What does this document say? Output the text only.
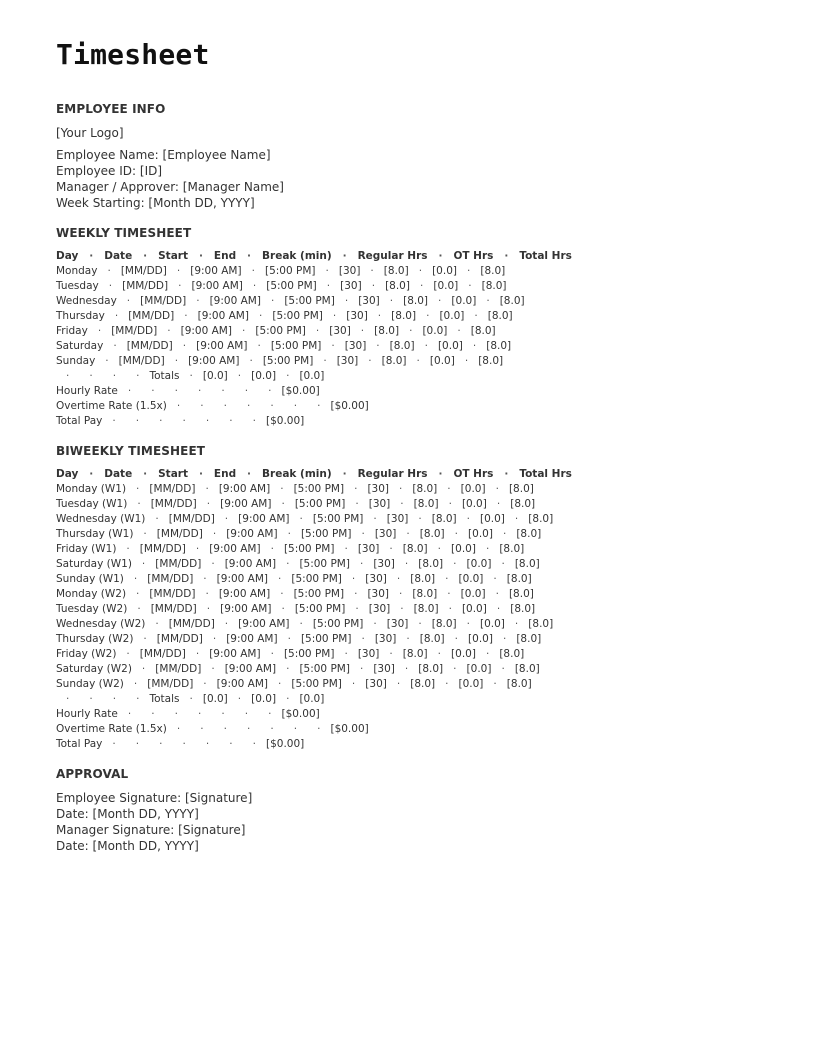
Timesheet
EMPLOYEE INFO
[Your Logo]
Employee Name: [Employee Name]
Employee ID: [ID]
Manager / Approver: [Manager Name]
Week Starting: [Month DD, YYYY]
WEEKLY TIMESHEET
Day   ·   Date   ·   Start   ·   End   ·   Break (min)   ·   Regular Hrs   ·   OT Hrs   ·   Total Hrs
Monday   ·   [MM/DD]   ·   [9:00 AM]   ·   [5:00 PM]   ·   [30]   ·   [8.0]   ·   [0.0]   ·   [8.0]
Tuesday   ·   [MM/DD]   ·   [9:00 AM]   ·   [5:00 PM]   ·   [30]   ·   [8.0]   ·   [0.0]   ·   [8.0]
Wednesday   ·   [MM/DD]   ·   [9:00 AM]   ·   [5:00 PM]   ·   [30]   ·   [8.0]   ·   [0.0]   ·   [8.0]
Thursday   ·   [MM/DD]   ·   [9:00 AM]   ·   [5:00 PM]   ·   [30]   ·   [8.0]   ·   [0.0]   ·   [8.0]
Friday   ·   [MM/DD]   ·   [9:00 AM]   ·   [5:00 PM]   ·   [30]   ·   [8.0]   ·   [0.0]   ·   [8.0]
Saturday   ·   [MM/DD]   ·   [9:00 AM]   ·   [5:00 PM]   ·   [30]   ·   [8.0]   ·   [0.0]   ·   [8.0]
Sunday   ·   [MM/DD]   ·   [9:00 AM]   ·   [5:00 PM]   ·   [30]   ·   [8.0]   ·   [0.0]   ·   [8.0]
·      ·      ·      ·   Totals   ·   [0.0]   ·   [0.0]   ·   [0.0]
Hourly Rate   ·      ·      ·      ·      ·      ·      ·   [$0.00]
Overtime Rate (1.5x)   ·      ·      ·      ·      ·      ·      ·   [$0.00]
Total Pay   ·      ·      ·      ·      ·      ·      ·   [$0.00]
BIWEEKLY TIMESHEET
Day   ·   Date   ·   Start   ·   End   ·   Break (min)   ·   Regular Hrs   ·   OT Hrs   ·   Total Hrs
Monday (W1)   ·   [MM/DD]   ·   [9:00 AM]   ·   [5:00 PM]   ·   [30]   ·   [8.0]   ·   [0.0]   ·   [8.0]
Tuesday (W1)   ·   [MM/DD]   ·   [9:00 AM]   ·   [5:00 PM]   ·   [30]   ·   [8.0]   ·   [0.0]   ·   [8.0]
Wednesday (W1)   ·   [MM/DD]   ·   [9:00 AM]   ·   [5:00 PM]   ·   [30]   ·   [8.0]   ·   [0.0]   ·   [8.0]
Thursday (W1)   ·   [MM/DD]   ·   [9:00 AM]   ·   [5:00 PM]   ·   [30]   ·   [8.0]   ·   [0.0]   ·   [8.0]
Friday (W1)   ·   [MM/DD]   ·   [9:00 AM]   ·   [5:00 PM]   ·   [30]   ·   [8.0]   ·   [0.0]   ·   [8.0]
Saturday (W1)   ·   [MM/DD]   ·   [9:00 AM]   ·   [5:00 PM]   ·   [30]   ·   [8.0]   ·   [0.0]   ·   [8.0]
Sunday (W1)   ·   [MM/DD]   ·   [9:00 AM]   ·   [5:00 PM]   ·   [30]   ·   [8.0]   ·   [0.0]   ·   [8.0]
Monday (W2)   ·   [MM/DD]   ·   [9:00 AM]   ·   [5:00 PM]   ·   [30]   ·   [8.0]   ·   [0.0]   ·   [8.0]
Tuesday (W2)   ·   [MM/DD]   ·   [9:00 AM]   ·   [5:00 PM]   ·   [30]   ·   [8.0]   ·   [0.0]   ·   [8.0]
Wednesday (W2)   ·   [MM/DD]   ·   [9:00 AM]   ·   [5:00 PM]   ·   [30]   ·   [8.0]   ·   [0.0]   ·   [8.0]
Thursday (W2)   ·   [MM/DD]   ·   [9:00 AM]   ·   [5:00 PM]   ·   [30]   ·   [8.0]   ·   [0.0]   ·   [8.0]
Friday (W2)   ·   [MM/DD]   ·   [9:00 AM]   ·   [5:00 PM]   ·   [30]   ·   [8.0]   ·   [0.0]   ·   [8.0]
Saturday (W2)   ·   [MM/DD]   ·   [9:00 AM]   ·   [5:00 PM]   ·   [30]   ·   [8.0]   ·   [0.0]   ·   [8.0]
Sunday (W2)   ·   [MM/DD]   ·   [9:00 AM]   ·   [5:00 PM]   ·   [30]   ·   [8.0]   ·   [0.0]   ·   [8.0]
·      ·      ·      ·   Totals   ·   [0.0]   ·   [0.0]   ·   [0.0]
Hourly Rate   ·      ·      ·      ·      ·      ·      ·   [$0.00]
Overtime Rate (1.5x)   ·      ·      ·      ·      ·      ·      ·   [$0.00]
Total Pay   ·      ·      ·      ·      ·      ·      ·   [$0.00]
APPROVAL
Employee Signature: [Signature]
Date: [Month DD, YYYY]
Manager Signature: [Signature]
Date: [Month DD, YYYY]
